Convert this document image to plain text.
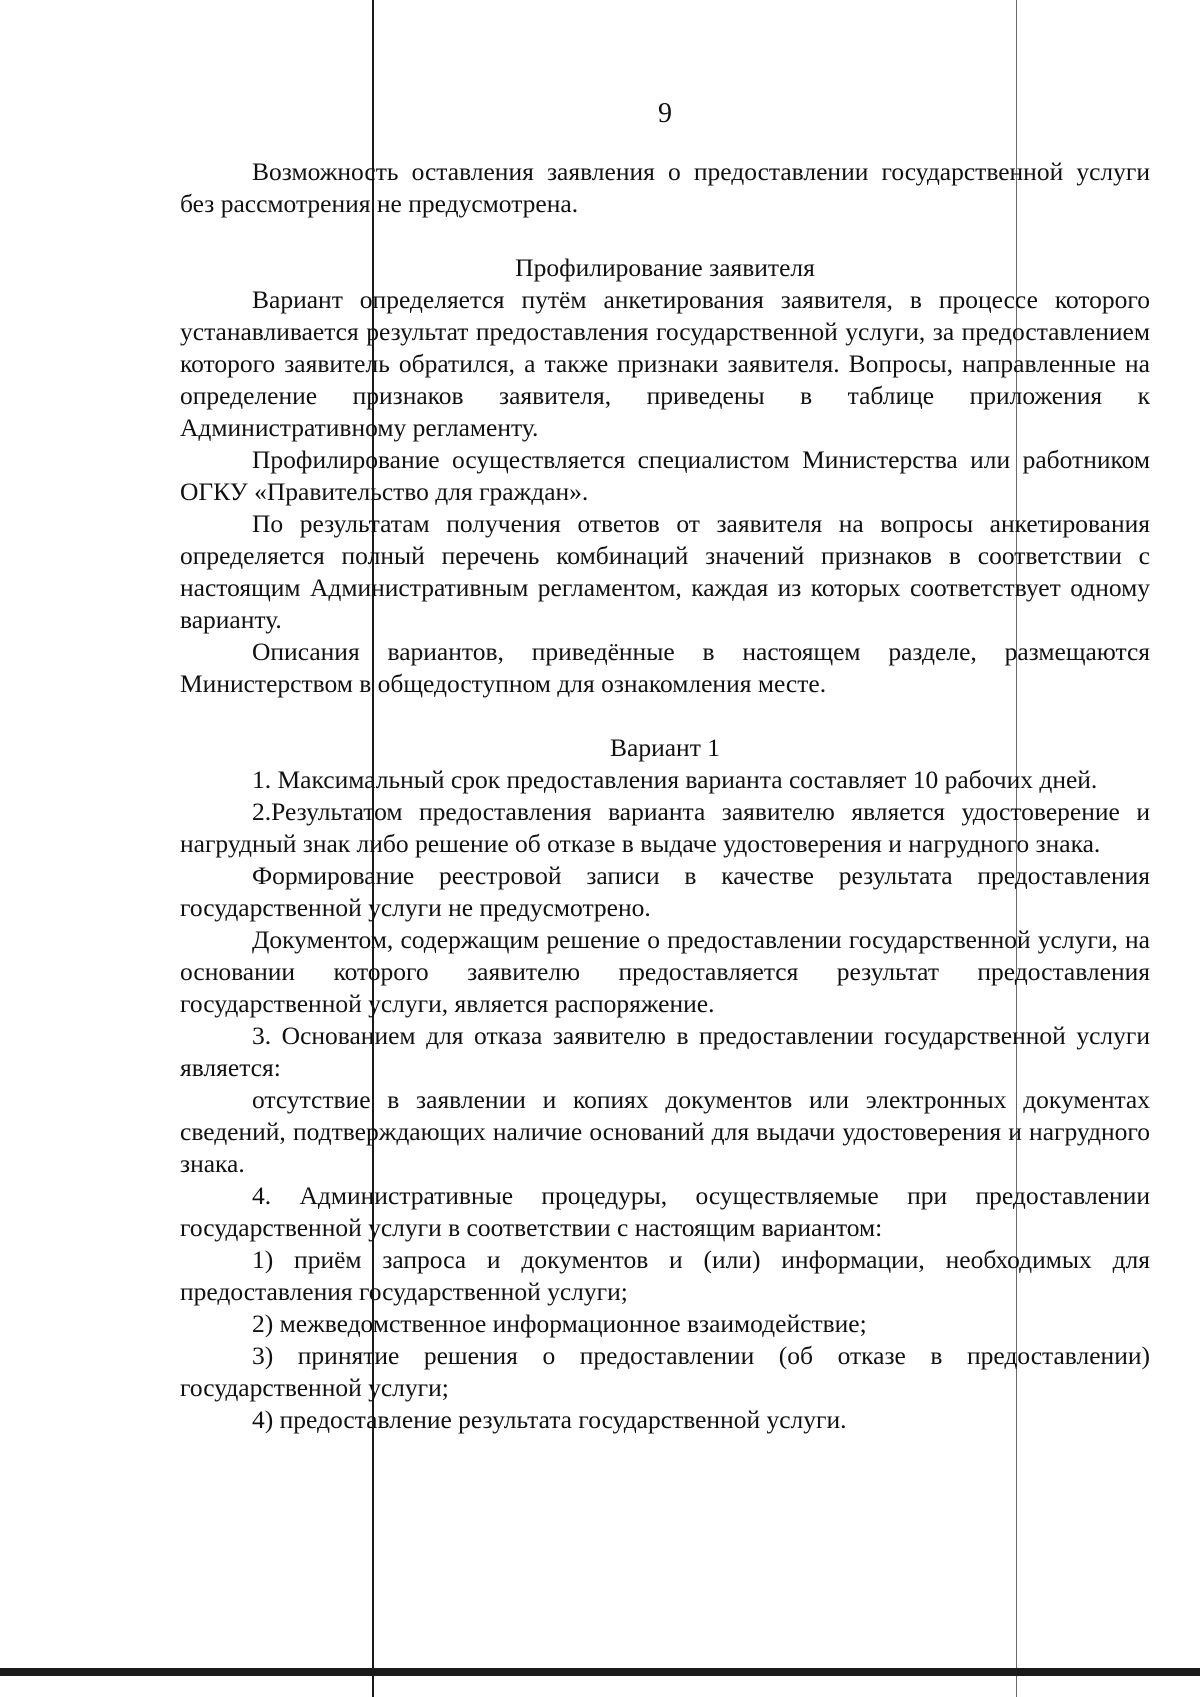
9

Возможность оставления заявления о предоставлении государственной услуги без рассмотрения не предусмотрена.

Профилирование заявителя

Вариант определяется путём анкетирования заявителя, в процессе которого устанавливается результат предоставления государственной услуги, за предоставлением которого заявитель обратился, а также признаки заявителя. Вопросы, направленные на определение признаков заявителя, приведены в таблице приложения к Административному регламенту.

Профилирование осуществляется специалистом Министерства или работником ОГКУ «Правительство для граждан».

По результатам получения ответов от заявителя на вопросы анкетирования определяется полный перечень комбинаций значений признаков в соответствии с настоящим Административным регламентом, каждая из которых соответствует одному варианту.

Описания вариантов, приведённые в настоящем разделе, размещаются Министерством в общедоступном для ознакомления месте.

Вариант 1

1. Максимальный срок предоставления варианта составляет 10 рабочих дней.

2.Результатом предоставления варианта заявителю является удостоверение и нагрудный знак либо решение об отказе в выдаче удостоверения и нагрудного знака.

Формирование реестровой записи в качестве результата предоставления государственной услуги не предусмотрено.

Документом, содержащим решение о предоставлении государственной услуги, на основании которого заявителю предоставляется результат предоставления государственной услуги, является распоряжение.

3. Основанием для отказа заявителю в предоставлении государственной услуги является:

отсутствие в заявлении и копиях документов или электронных документах сведений, подтверждающих наличие оснований для выдачи удостоверения и нагрудного знака.

4. Административные процедуры, осуществляемые при предоставлении государственной услуги в соответствии с настоящим вариантом:

1) приём запроса и документов и (или) информации, необходимых для предоставления государственной услуги;

2) межведомственное информационное взаимодействие;

3) принятие решения о предоставлении (об отказе в предоставлении) государственной услуги;

4) предоставление результата государственной услуги.
